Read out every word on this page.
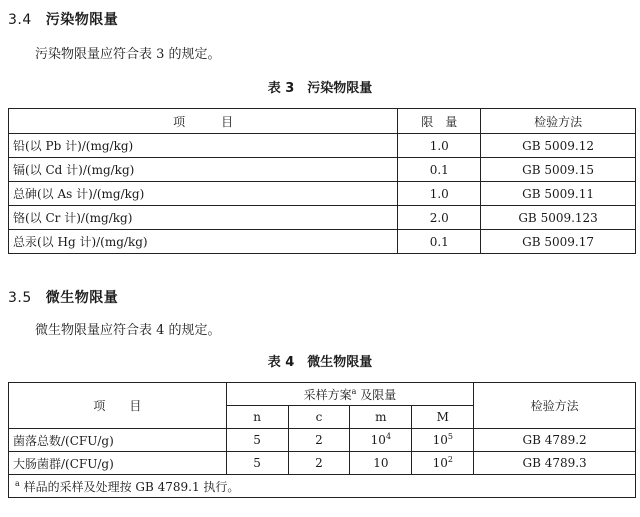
3.4 污染物限量
污染物限量应符合表 3 的规定。
表 3　污染物限量
项　　　目	限　量	检验方法
铅(以 Pb 计)/(mg/kg)	1.0	GB 5009.12
镉(以 Cd 计)/(mg/kg)	0.1	GB 5009.15
总砷(以 As 计)/(mg/kg)	1.0	GB 5009.11
铬(以 Cr 计)/(mg/kg)	2.0	GB 5009.123
总汞(以 Hg 计)/(mg/kg)	0.1	GB 5009.17
3.5 微生物限量
微生物限量应符合表 4 的规定。
表 4　微生物限量
项　　目	采样方案$^a$ 及限量				检验方法
	n	c	m	M	
菌落总数/(CFU/g)	5	2	$10^4$	$10^5$	GB 4789.2
大肠菌群/(CFU/g)	5	2	10	$10^2$	GB 4789.3
$^a$ 样品的采样及处理按 GB 4789.1 执行。					
